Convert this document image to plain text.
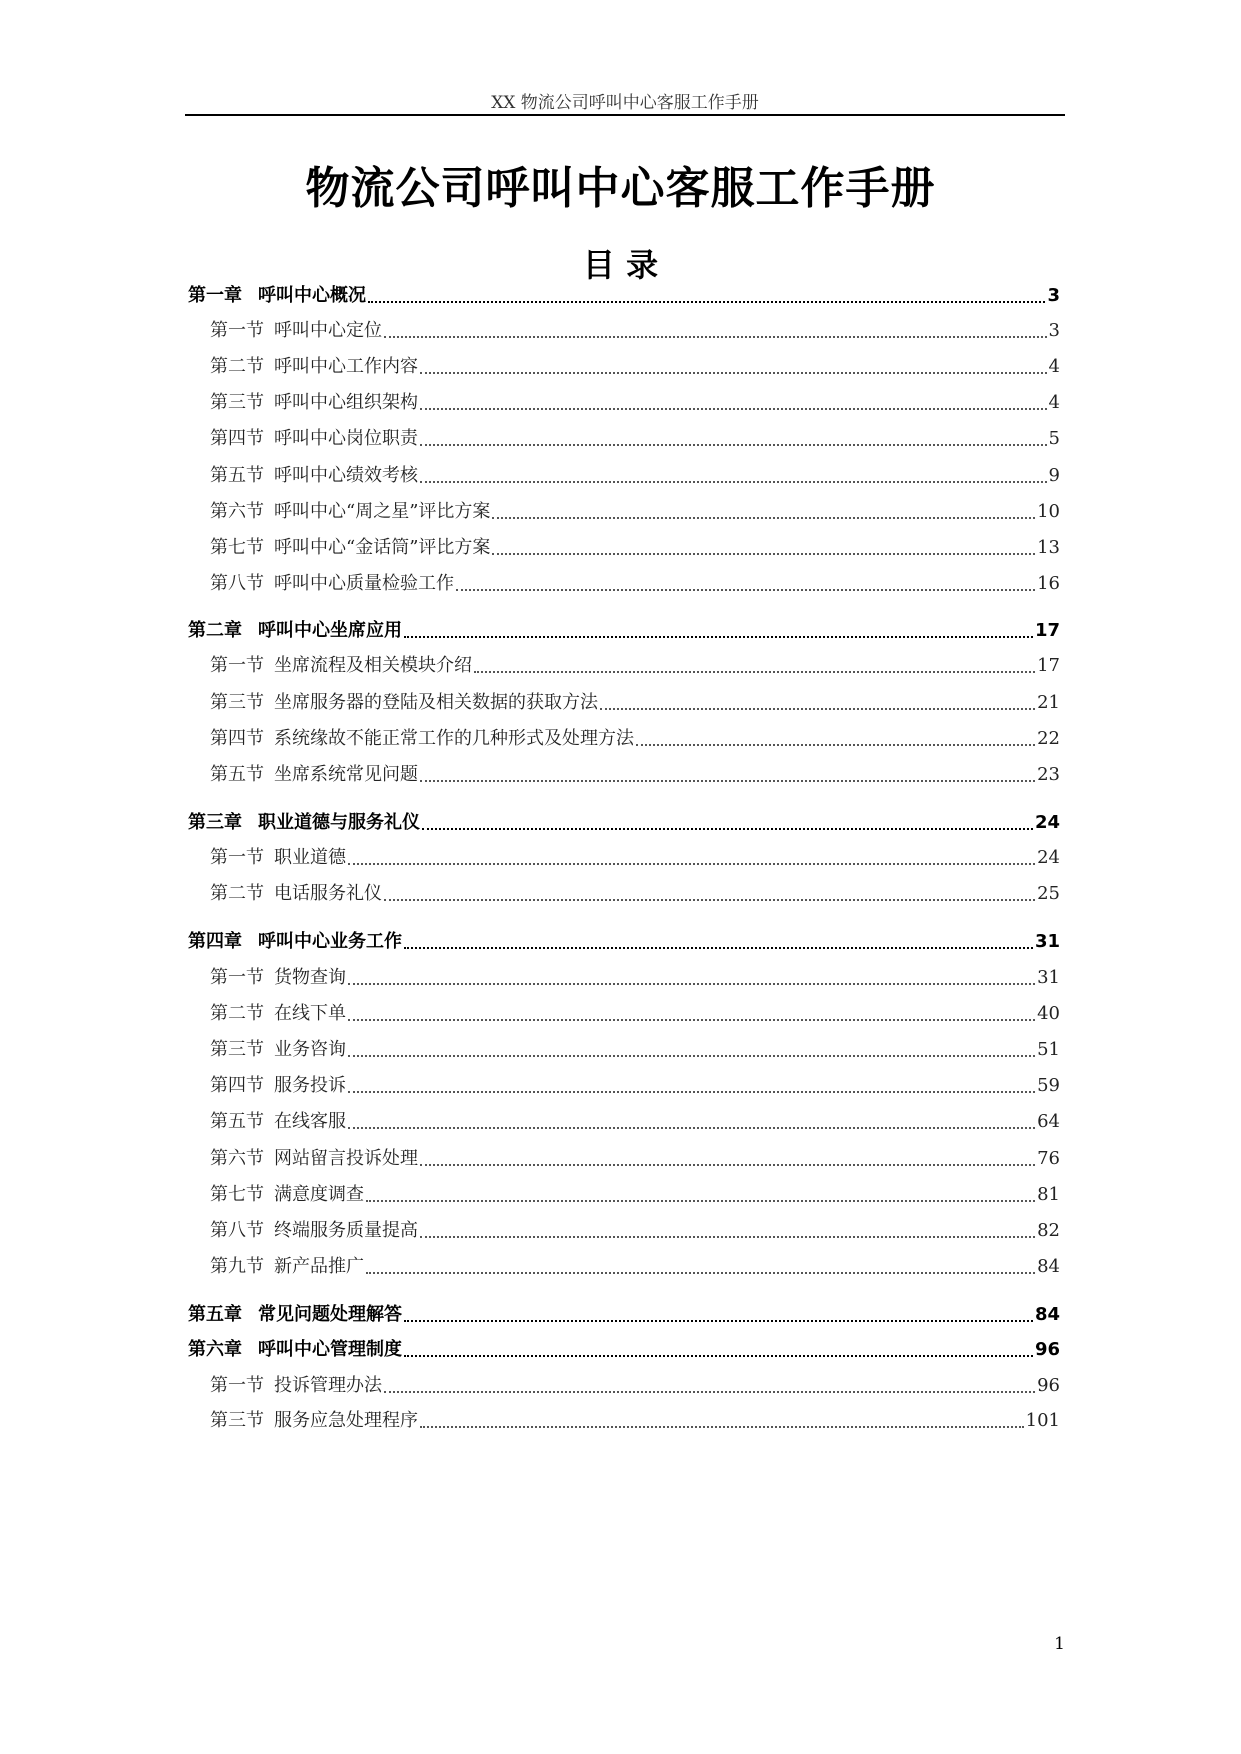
XX 物流公司呼叫中心客服工作手册
物流公司呼叫中心客服工作手册
目 录
第一章 呼叫中心概况	3
第一节 呼叫中心定位	3
第二节 呼叫中心工作内容	4
第三节 呼叫中心组织架构	4
第四节 呼叫中心岗位职责	5
第五节 呼叫中心绩效考核	9
第六节 呼叫中心“周之星”评比方案	10
第七节 呼叫中心“金话筒”评比方案	13
第八节 呼叫中心质量检验工作	16
第二章 呼叫中心坐席应用	17
第一节 坐席流程及相关模块介绍	17
第三节 坐席服务器的登陆及相关数据的获取方法	21
第四节 系统缘故不能正常工作的几种形式及处理方法	22
第五节 坐席系统常见问题	23
第三章 职业道德与服务礼仪	24
第一节 职业道德	24
第二节 电话服务礼仪	25
第四章 呼叫中心业务工作	31
第一节 货物查询	31
第二节 在线下单	40
第三节 业务咨询	51
第四节 服务投诉	59
第五节 在线客服	64
第六节 网站留言投诉处理	76
第七节 满意度调查	81
第八节 终端服务质量提高	82
第九节 新产品推广	84
第五章 常见问题处理解答	84
第六章 呼叫中心管理制度	96
第一节 投诉管理办法	96
第三节 服务应急处理程序	101
1
